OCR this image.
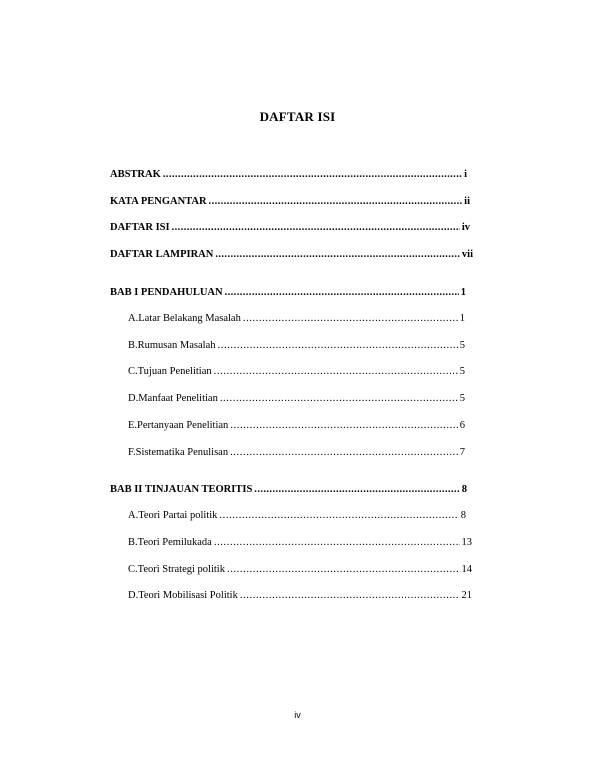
DAFTAR ISI
ABSTRAK .....	i
KATA PENGANTAR .....	ii
DAFTAR ISI .....	iv
DAFTAR LAMPIRAN .....	vii
BAB I PENDAHULUAN .....	1
A. Latar Belakang Masalah .....	1
B. Rumusan Masalah .....	5
C. Tujuan Penelitian .....	5
D. Manfaat Penelitian .....	5
E. Pertanyaan Penelitian .....	6
F. Sistematika Penulisan .....	7
BAB II TINJAUAN TEORITIS .....	8
A. Teori Partai politik .....	8
B. Teori Pemilukada .....	13
C. Teori Strategi politik .....	14
D. Teori Mobilisasi Politik .....	21
iv
